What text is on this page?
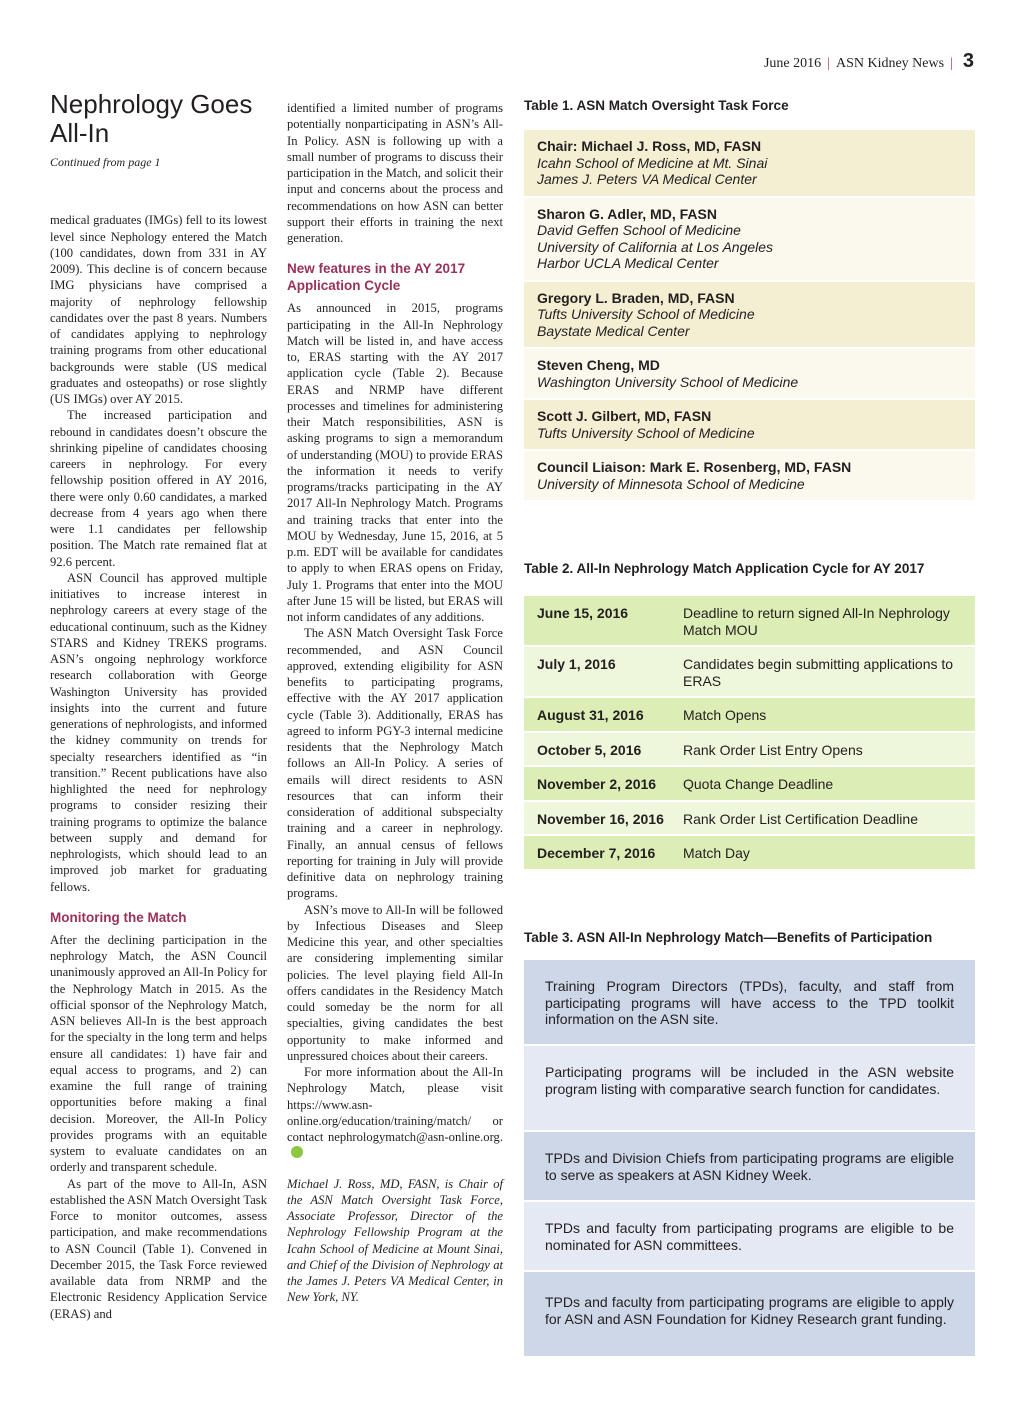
June 2016 | ASN Kidney News | 3
Nephrology Goes
All-In
Continued from page 1

medical graduates (IMGs) fell to its lowest level since Nephology entered the Match (100 candidates, down from 331 in AY 2009). This decline is of concern because IMG physicians have comprised a majority of nephrology fellowship candidates over the past 8 years. Numbers of candidates applying to nephrology training programs from other educational backgrounds were stable (US medical graduates and osteopaths) or rose slightly (US IMGs) over AY 2015.

The increased participation and rebound in candidates doesn’t obscure the shrinking pipeline of candidates choosing careers in nephrology. For every fellowship position offered in AY 2016, there were only 0.60 candidates, a marked decrease from 4 years ago when there were 1.1 candidates per fellowship position. The Match rate remained flat at 92.6 percent.

ASN Council has approved multiple initiatives to increase interest in nephrology careers at every stage of the educational continuum, such as the Kidney STARS and Kidney TREKS programs. ASN’s ongoing nephrology workforce research collaboration with George Washington University has provided insights into the current and future generations of nephrologists, and informed the kidney community on trends for specialty researchers identified as “in transition.” Recent publications have also highlighted the need for nephrology programs to consider resizing their training programs to optimize the balance between supply and demand for nephrologists, which should lead to an improved job market for graduating fellows.

Monitoring the Match

After the declining participation in the nephrology Match, the ASN Council unanimously approved an All-In Policy for the Nephrology Match in 2015. As the official sponsor of the Nephrology Match, ASN believes All-In is the best approach for the specialty in the long term and helps ensure all candidates: 1) have fair and equal access to programs, and 2) can examine the full range of training opportunities before making a final decision. Moreover, the All-In Policy provides programs with an equitable system to evaluate candidates on an orderly and transparent schedule.

As part of the move to All-In, ASN established the ASN Match Oversight Task Force to monitor outcomes, assess participation, and make recommendations to ASN Council (Table 1). Convened in December 2015, the Task Force reviewed available data from NRMP and the Electronic Residency Application Service (ERAS) and

identified a limited number of programs potentially nonparticipating in ASN’s All-In Policy. ASN is following up with a small number of programs to discuss their participation in the Match, and solicit their input and concerns about the process and recommendations on how ASN can better support their efforts in training the next generation.

New features in the AY 2017 Application Cycle

As announced in 2015, programs participating in the All-In Nephrology Match will be listed in, and have access to, ERAS starting with the AY 2017 application cycle (Table 2). Because ERAS and NRMP have different processes and timelines for administering their Match responsibilities, ASN is asking programs to sign a memorandum of understanding (MOU) to provide ERAS the information it needs to verify programs/tracks participating in the AY 2017 All-In Nephrology Match. Programs and training tracks that enter into the MOU by Wednesday, June 15, 2016, at 5 p.m. EDT will be available for candidates to apply to when ERAS opens on Friday, July 1. Programs that enter into the MOU after June 15 will be listed, but ERAS will not inform candidates of any additions.

The ASN Match Oversight Task Force recommended, and ASN Council approved, extending eligibility for ASN benefits to participating programs, effective with the AY 2017 application cycle (Table 3). Additionally, ERAS has agreed to inform PGY-3 internal medicine residents that the Nephrology Match follows an All-In Policy. A series of emails will direct residents to ASN resources that can inform their consideration of additional subspecialty training and a career in nephrology. Finally, an annual census of fellows reporting for training in July will provide definitive data on nephrology training programs.

ASN’s move to All-In will be followed by Infectious Diseases and Sleep Medicine this year, and other specialties are considering implementing similar policies. The level playing field All-In offers candidates in the Residency Match could someday be the norm for all specialties, giving candidates the best opportunity to make informed and unpressured choices about their careers.

For more information about the All-In Nephrology Match, please visit https://www.asn-online.org/education/training/match/ or contact nephrologymatch@asn-online.org.

Michael J. Ross, MD, FASN, is Chair of the ASN Match Oversight Task Force, Associate Professor, Director of the Nephrology Fellowship Program at the Icahn School of Medicine at Mount Sinai, and Chief of the Division of Nephrology at the James J. Peters VA Medical Center, in New York, NY.

Table 1. ASN Match Oversight Task Force
Chair: Michael J. Ross, MD, FASN
Icahn School of Medicine at Mt. Sinai
James J. Peters VA Medical Center
Sharon G. Adler, MD, FASN
David Geffen School of Medicine
University of California at Los Angeles
Harbor UCLA Medical Center
Gregory L. Braden, MD, FASN
Tufts University School of Medicine
Baystate Medical Center
Steven Cheng, MD
Washington University School of Medicine
Scott J. Gilbert, MD, FASN
Tufts University School of Medicine
Council Liaison: Mark E. Rosenberg, MD, FASN
University of Minnesota School of Medicine
Table 2. All-In Nephrology Match Application Cycle for AY 2017
June 15, 2016	Deadline to return signed All-In Nephrology Match MOU
July 1, 2016	Candidates begin submitting applications to ERAS
August 31, 2016	Match Opens
October 5, 2016	Rank Order List Entry Opens
November 2, 2016	Quota Change Deadline
November 16, 2016	Rank Order List Certification Deadline
December 7, 2016	Match Day
Table 3. ASN All-In Nephrology Match—Benefits of Participation
Training Program Directors (TPDs), faculty, and staff from participating programs will have access to the TPD toolkit information on the ASN site.
Participating programs will be included in the ASN website program listing with comparative search function for candidates.
TPDs and Division Chiefs from participating programs are eligible to serve as speakers at ASN Kidney Week.
TPDs and faculty from participating programs are eligible to be nominated for ASN committees.
TPDs and faculty from participating programs are eligible to apply for ASN and ASN Foundation for Kidney Research grant funding.
